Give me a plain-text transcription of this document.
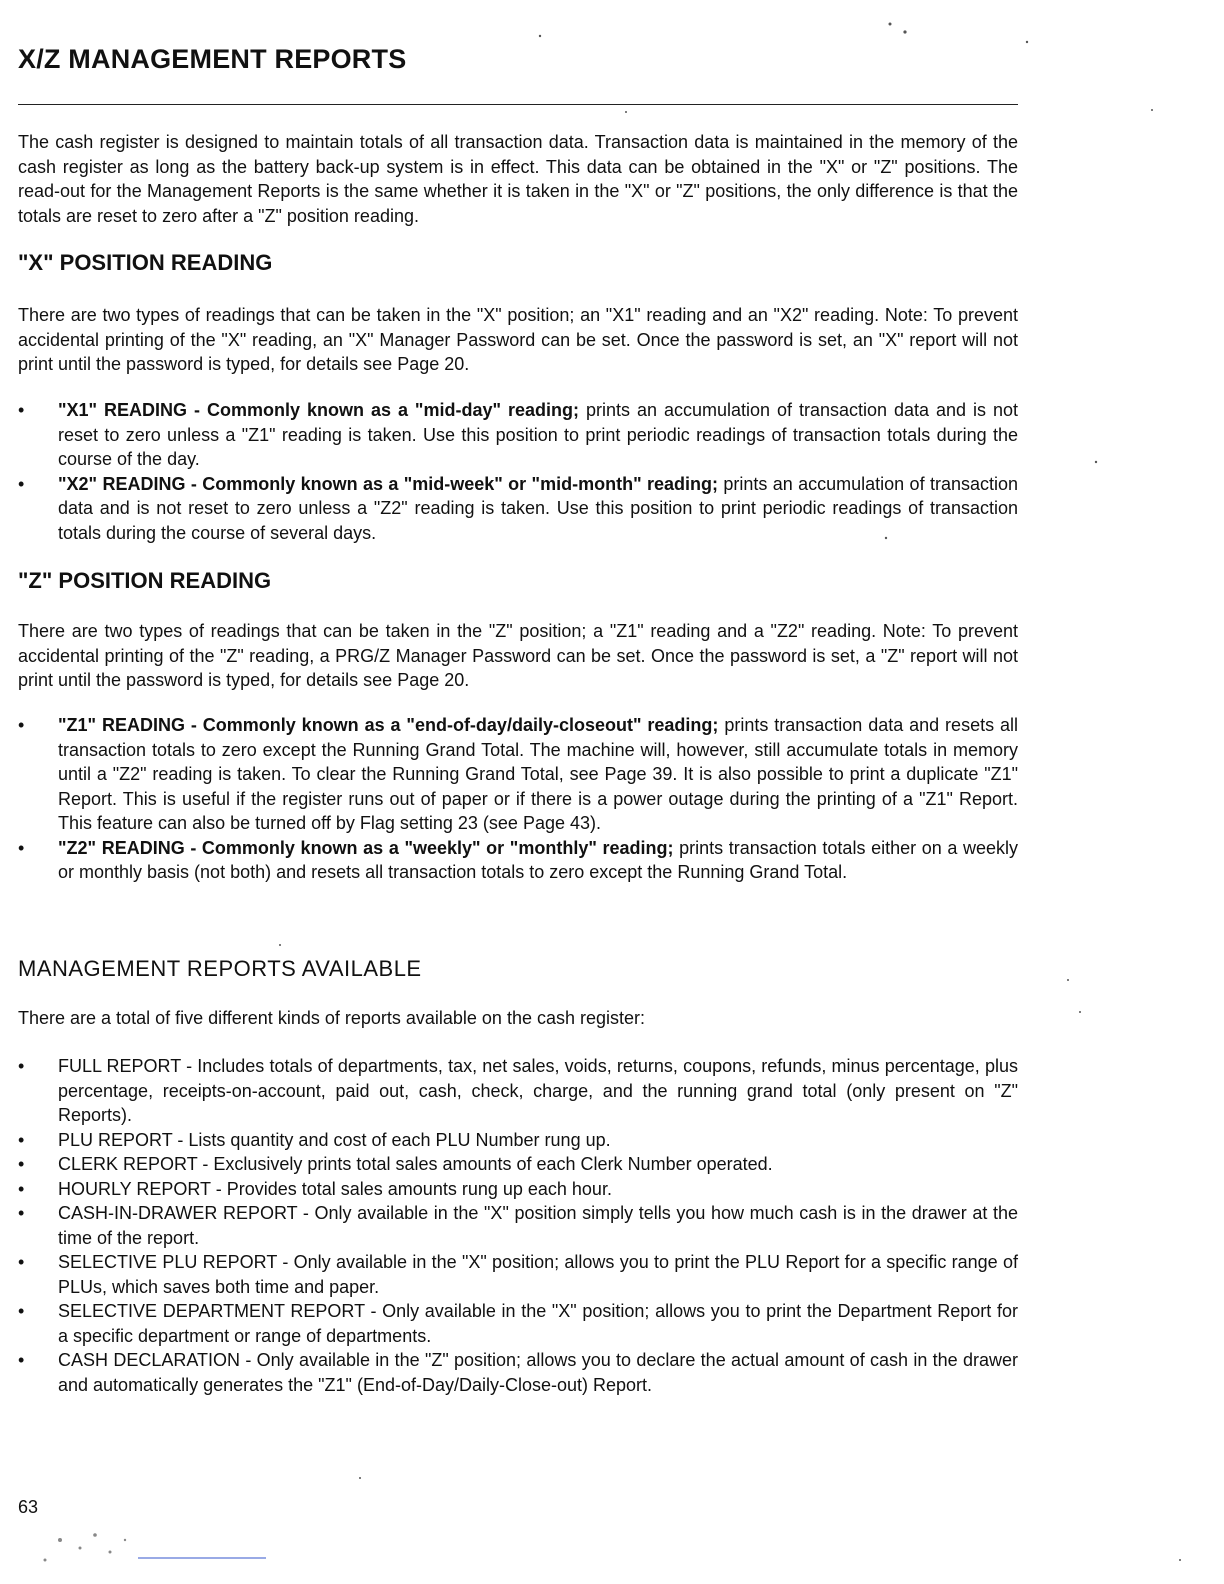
X/Z MANAGEMENT REPORTS

The cash register is designed to maintain totals of all transaction data. Transaction data is maintained in the memory of the cash register as long as the battery back-up system is in effect. This data can be obtained in the "X" or "Z" positions. The read-out for the Management Reports is the same whether it is taken in the "X" or "Z" positions, the only difference is that the totals are reset to zero after a "Z" position reading.

"X" POSITION READING

There are two types of readings that can be taken in the "X" position; an "X1" reading and an "X2" reading. Note: To prevent accidental printing of the "X" reading, an "X" Manager Password can be set. Once the password is set, an "X" report will not print until the password is typed, for details see Page 20.

• "X1" READING - Commonly known as a "mid-day" reading; prints an accumulation of transaction data and is not reset to zero unless a "Z1" reading is taken. Use this position to print periodic readings of transaction totals during the course of the day.
• "X2" READING - Commonly known as a "mid-week" or "mid-month" reading; prints an accumulation of transaction data and is not reset to zero unless a "Z2" reading is taken. Use this position to print periodic readings of transaction totals during the course of several days.
"Z" POSITION READING

There are two types of readings that can be taken in the "Z" position; a "Z1" reading and a "Z2" reading. Note: To prevent accidental printing of the "Z" reading, a PRG/Z Manager Password can be set. Once the password is set, a "Z" report will not print until the password is typed, for details see Page 20.

• "Z1" READING - Commonly known as a "end-of-day/daily-closeout" reading; prints transaction data and resets all transaction totals to zero except the Running Grand Total. The machine will, however, still accumulate totals in memory until a "Z2" reading is taken. To clear the Running Grand Total, see Page 39. It is also possible to print a duplicate "Z1" Report. This is useful if the register runs out of paper or if there is a power outage during the printing of a "Z1" Report. This feature can also be turned off by Flag setting 23 (see Page 43).
• "Z2" READING - Commonly known as a "weekly" or "monthly" reading; prints transaction totals either on a weekly or monthly basis (not both) and resets all transaction totals to zero except the Running Grand Total.
MANAGEMENT REPORTS AVAILABLE

There are a total of five different kinds of reports available on the cash register:

• FULL REPORT - Includes totals of departments, tax, net sales, voids, returns, coupons, refunds, minus percentage, plus percentage, receipts-on-account, paid out, cash, check, charge, and the running grand total (only present on "Z" Reports).
• PLU REPORT - Lists quantity and cost of each PLU Number rung up.
• CLERK REPORT - Exclusively prints total sales amounts of each Clerk Number operated.
• HOURLY REPORT - Provides total sales amounts rung up each hour.
• CASH-IN-DRAWER REPORT - Only available in the "X" position simply tells you how much cash is in the drawer at the time of the report.
• SELECTIVE PLU REPORT - Only available in the "X" position; allows you to print the PLU Report for a specific range of PLUs, which saves both time and paper.
• SELECTIVE DEPARTMENT REPORT - Only available in the "X" position; allows you to print the Department Report for a specific department or range of departments.
• CASH DECLARATION - Only available in the "Z" position; allows you to declare the actual amount of cash in the drawer and automatically generates the "Z1" (End-of-Day/Daily-Close-out) Report.

63
